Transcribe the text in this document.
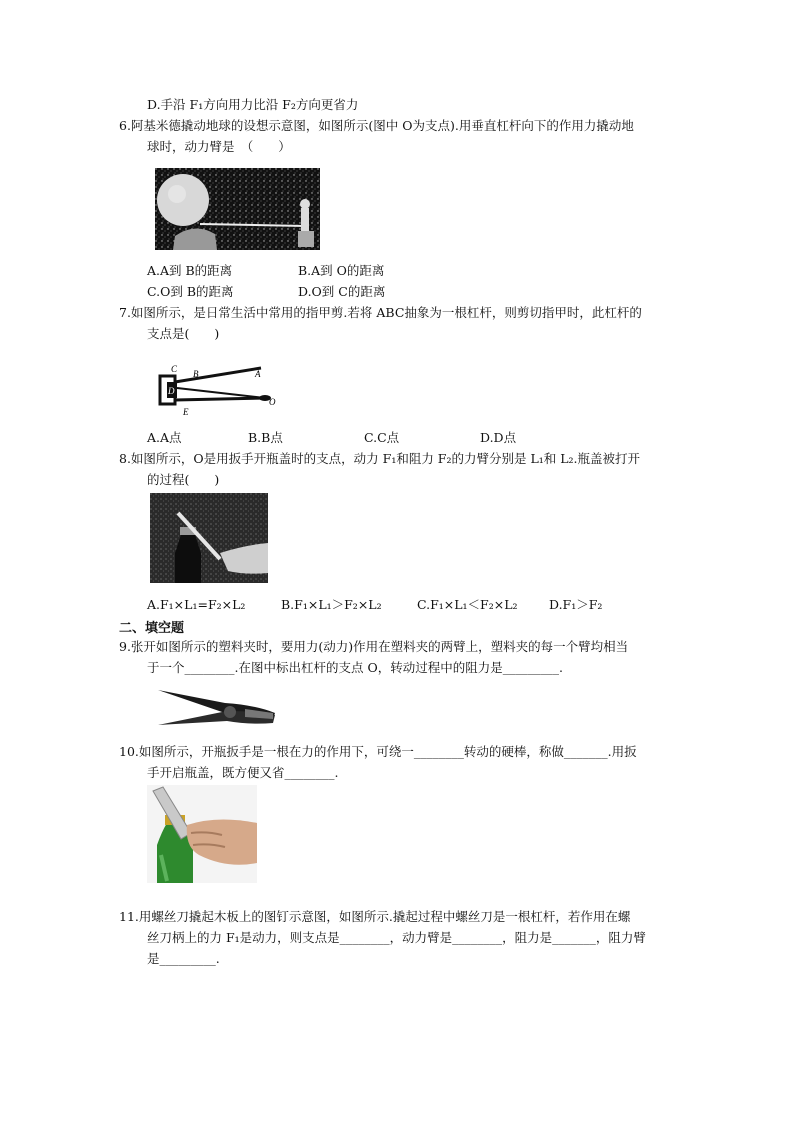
D.手沿 F₁方向用力比沿 F₂方向更省力
6.阿基米德撬动地球的设想示意图，如图所示(图中 O为支点).用垂直杠杆向下的作用力撬动地
球时，动力臂是　（　　）
A.A到 B的距离	B.A到 O的距离
C.O到 B的距离	D.O到 C的距离
7.如图所示，是日常生活中常用的指甲剪.若将 ABC抽象为一根杠杆，则剪切指甲时，此杠杆的
支点是(　　)
C B	A
D
O
E
A.A点	B.B点	C.C点	D.D点
8.如图所示，O是用扳手开瓶盖时的支点，动力 F₁和阻力 F₂的力臂分别是 L₁和 L₂.瓶盖被打开
的过程(　　)
A.F₁×L₁=F₂×L₂	B.F₁×L₁＞F₂×L₂	C.F₁×L₁＜F₂×L₂	D.F₁＞F₂
二、填空题
9.张开如图所示的塑料夹时，要用力(动力)作用在塑料夹的两臂上，塑料夹的每一个臂均相当
于一个________.在图中标出杠杆的支点 O，转动过程中的阻力是_________.
10.如图所示，开瓶扳手是一根在力的作用下，可绕一________转动的硬棒，称做_______.用扳
手开启瓶盖，既方便又省________.
11.用螺丝刀撬起木板上的图钉示意图，如图所示.撬起过程中螺丝刀是一根杠杆，若作用在螺
丝刀柄上的力 F₁是动力，则支点是________，动力臂是________，阻力是_______，阻力臂
是_________.
